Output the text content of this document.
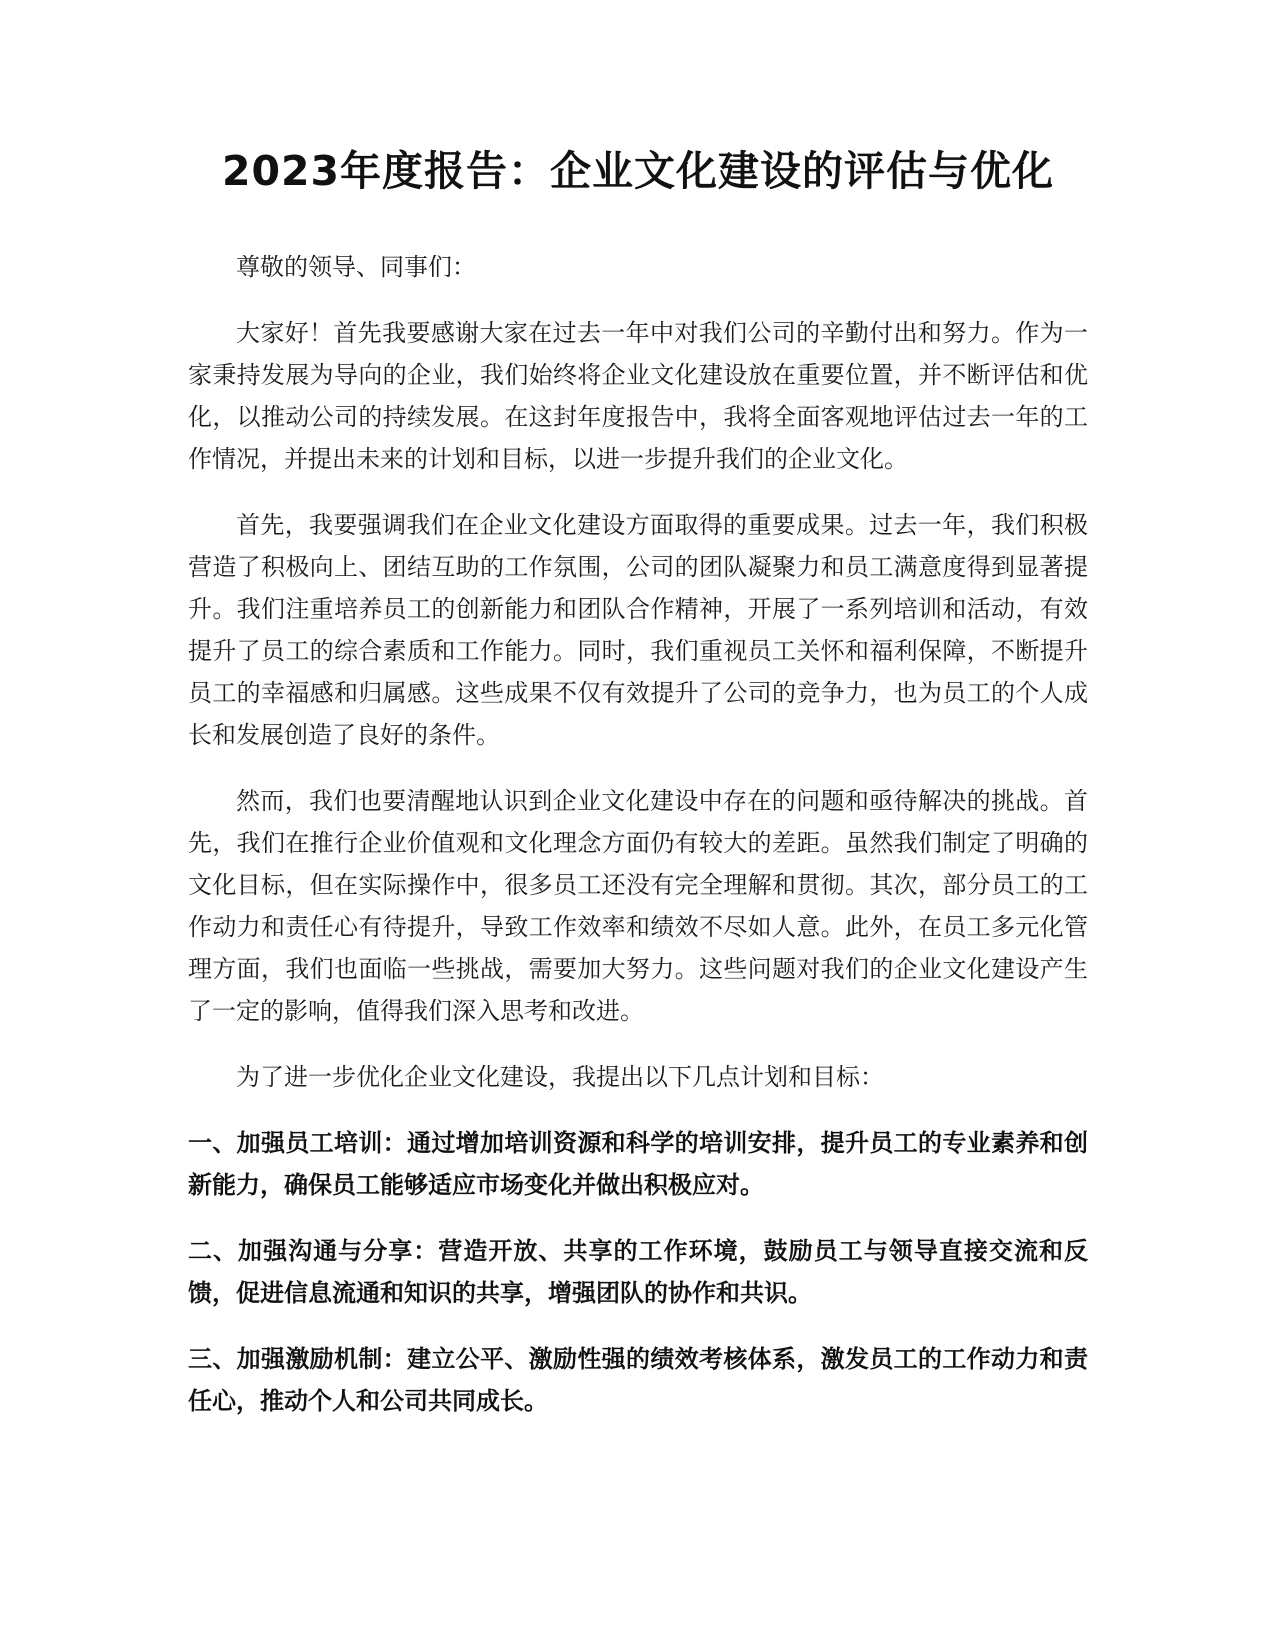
2023年度报告：企业文化建设的评估与优化

尊敬的领导、同事们：

大家好！首先我要感谢大家在过去一年中对我们公司的辛勤付出和努力。作为一家秉持发展为导向的企业，我们始终将企业文化建设放在重要位置，并不断评估和优化，以推动公司的持续发展。在这封年度报告中，我将全面客观地评估过去一年的工作情况，并提出未来的计划和目标，以进一步提升我们的企业文化。

首先，我要强调我们在企业文化建设方面取得的重要成果。过去一年，我们积极营造了积极向上、团结互助的工作氛围，公司的团队凝聚力和员工满意度得到显著提升。我们注重培养员工的创新能力和团队合作精神，开展了一系列培训和活动，有效提升了员工的综合素质和工作能力。同时，我们重视员工关怀和福利保障，不断提升员工的幸福感和归属感。这些成果不仅有效提升了公司的竞争力，也为员工的个人成长和发展创造了良好的条件。

然而，我们也要清醒地认识到企业文化建设中存在的问题和亟待解决的挑战。首先，我们在推行企业价值观和文化理念方面仍有较大的差距。虽然我们制定了明确的文化目标，但在实际操作中，很多员工还没有完全理解和贯彻。其次，部分员工的工作动力和责任心有待提升，导致工作效率和绩效不尽如人意。此外，在员工多元化管理方面，我们也面临一些挑战，需要加大努力。这些问题对我们的企业文化建设产生了一定的影响，值得我们深入思考和改进。

为了进一步优化企业文化建设，我提出以下几点计划和目标：

一、加强员工培训：通过增加培训资源和科学的培训安排，提升员工的专业素养和创新能力，确保员工能够适应市场变化并做出积极应对。

二、加强沟通与分享：营造开放、共享的工作环境，鼓励员工与领导直接交流和反馈，促进信息流通和知识的共享，增强团队的协作和共识。

三、加强激励机制：建立公平、激励性强的绩效考核体系，激发员工的工作动力和责任心，推动个人和公司共同成长。
